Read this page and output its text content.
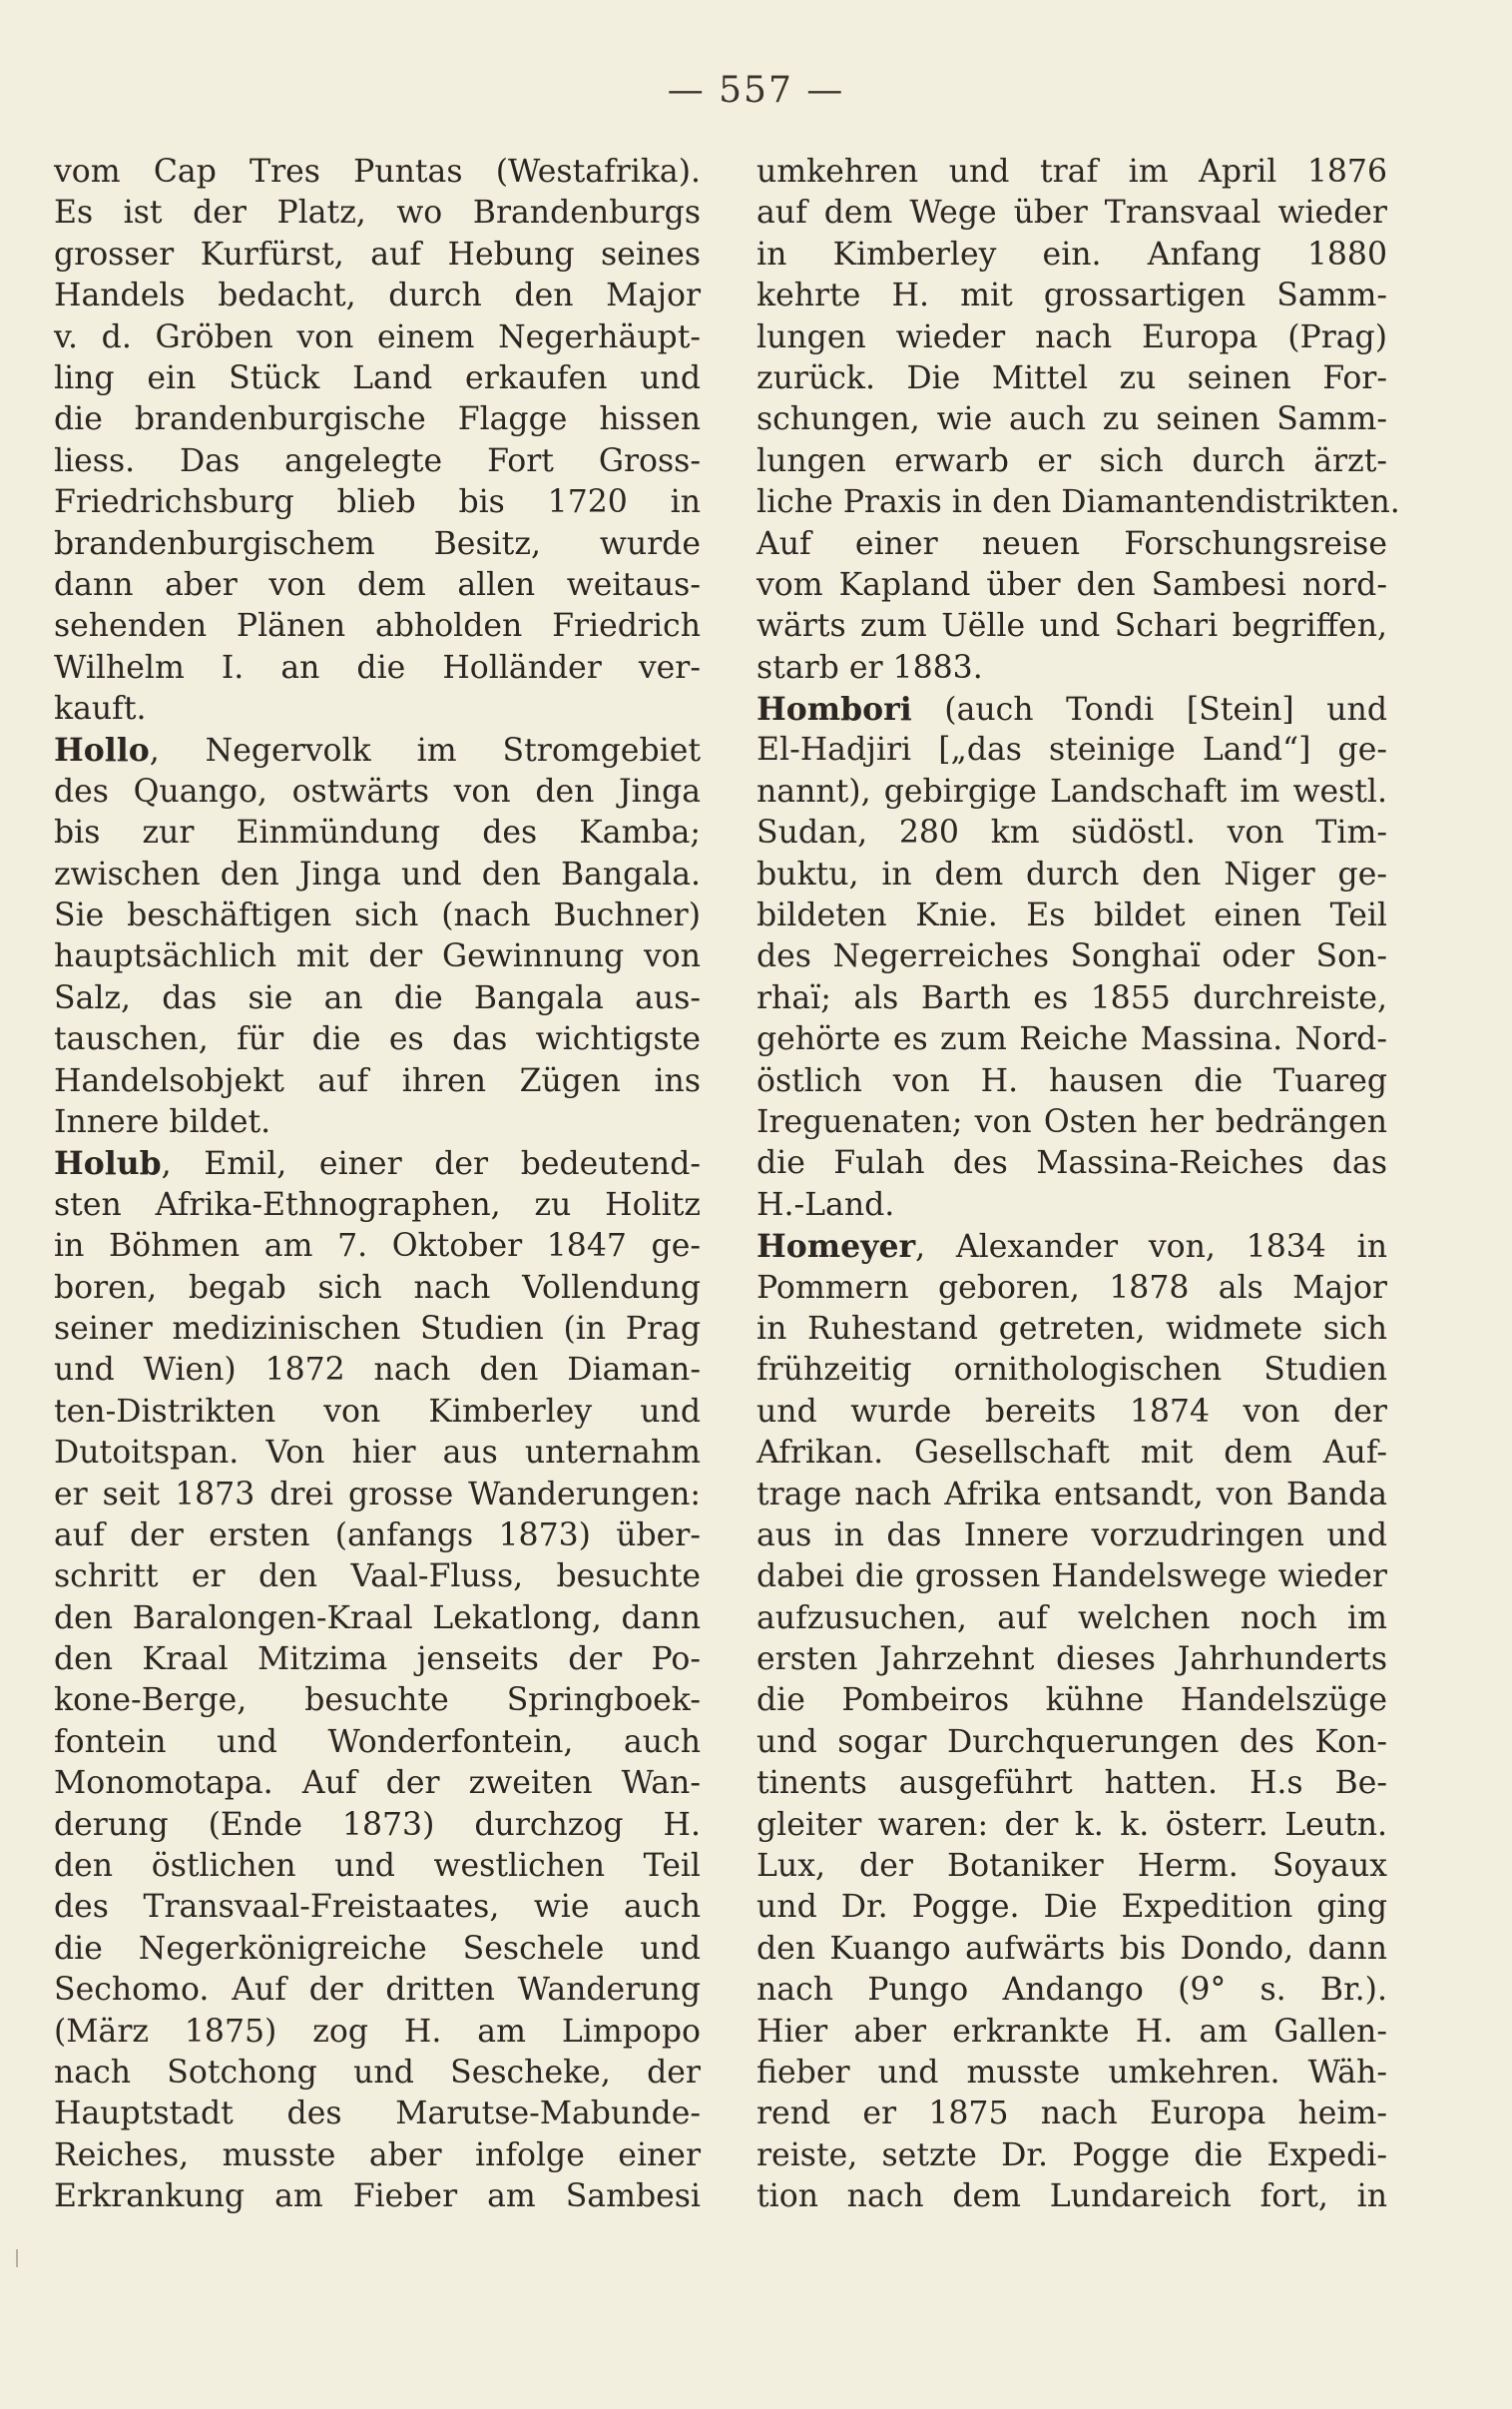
— 557 —
vom Cap Tres Puntas (Westafrika).
Es ist der Platz, wo Brandenburgs
grosser Kurfürst, auf Hebung seines
Handels bedacht, durch den Major
v. d. Gröben von einem Negerhäupt-
ling ein Stück Land erkaufen und
die brandenburgische Flagge hissen
liess. Das angelegte Fort Gross-
Friedrichsburg blieb bis 1720 in
brandenburgischem Besitz, wurde
dann aber von dem allen weitaus-
sehenden Plänen abholden Friedrich
Wilhelm I. an die Holländer ver-
kauft.
Hollo, Negervolk im Stromgebiet
des Quango, ostwärts von den Jinga
bis zur Einmündung des Kamba;
zwischen den Jinga und den Bangala.
Sie beschäftigen sich (nach Buchner)
hauptsächlich mit der Gewinnung von
Salz, das sie an die Bangala aus-
tauschen, für die es das wichtigste
Handelsobjekt auf ihren Zügen ins
Innere bildet.
Holub, Emil, einer der bedeutend-
sten Afrika-Ethnographen, zu Holitz
in Böhmen am 7. Oktober 1847 ge-
boren, begab sich nach Vollendung
seiner medizinischen Studien (in Prag
und Wien) 1872 nach den Diaman-
ten-Distrikten von Kimberley und
Dutoitspan. Von hier aus unternahm
er seit 1873 drei grosse Wanderungen:
auf der ersten (anfangs 1873) über-
schritt er den Vaal-Fluss, besuchte
den Baralongen-Kraal Lekatlong, dann
den Kraal Mitzima jenseits der Po-
kone-Berge, besuchte Springboek-
fontein und Wonderfontein, auch
Monomotapa. Auf der zweiten Wan-
derung (Ende 1873) durchzog H.
den östlichen und westlichen Teil
des Transvaal-Freistaates, wie auch
die Negerkönigreiche Seschele und
Sechomo. Auf der dritten Wanderung
(März 1875) zog H. am Limpopo
nach Sotchong und Sescheke, der
Hauptstadt des Marutse-Mabunde-
Reiches, musste aber infolge einer
Erkrankung am Fieber am Sambesi
umkehren und traf im April 1876
auf dem Wege über Transvaal wieder
in Kimberley ein. Anfang 1880
kehrte H. mit grossartigen Samm-
lungen wieder nach Europa (Prag)
zurück. Die Mittel zu seinen For-
schungen, wie auch zu seinen Samm-
lungen erwarb er sich durch ärzt-
liche Praxis in den Diamantendistrikten.
Auf einer neuen Forschungsreise
vom Kapland über den Sambesi nord-
wärts zum Uëlle und Schari begriffen,
starb er 1883.
Hombori (auch Tondi [Stein] und
El-Hadjiri [„das steinige Land“] ge-
nannt), gebirgige Landschaft im westl.
Sudan, 280 km südöstl. von Tim-
buktu, in dem durch den Niger ge-
bildeten Knie. Es bildet einen Teil
des Negerreiches Songhaï oder Son-
rhaï; als Barth es 1855 durchreiste,
gehörte es zum Reiche Massina. Nord-
östlich von H. hausen die Tuareg
Ireguenaten; von Osten her bedrängen
die Fulah des Massina-Reiches das
H.-Land.
Homeyer, Alexander von, 1834 in
Pommern geboren, 1878 als Major
in Ruhestand getreten, widmete sich
frühzeitig ornithologischen Studien
und wurde bereits 1874 von der
Afrikan. Gesellschaft mit dem Auf-
trage nach Afrika entsandt, von Banda
aus in das Innere vorzudringen und
dabei die grossen Handelswege wieder
aufzusuchen, auf welchen noch im
ersten Jahrzehnt dieses Jahrhunderts
die Pombeiros kühne Handelszüge
und sogar Durchquerungen des Kon-
tinents ausgeführt hatten. H.s Be-
gleiter waren: der k. k. österr. Leutn.
Lux, der Botaniker Herm. Soyaux
und Dr. Pogge. Die Expedition ging
den Kuango aufwärts bis Dondo, dann
nach Pungo Andango (9° s. Br.).
Hier aber erkrankte H. am Gallen-
fieber und musste umkehren. Wäh-
rend er 1875 nach Europa heim-
reiste, setzte Dr. Pogge die Expedi-
tion nach dem Lundareich fort, in
